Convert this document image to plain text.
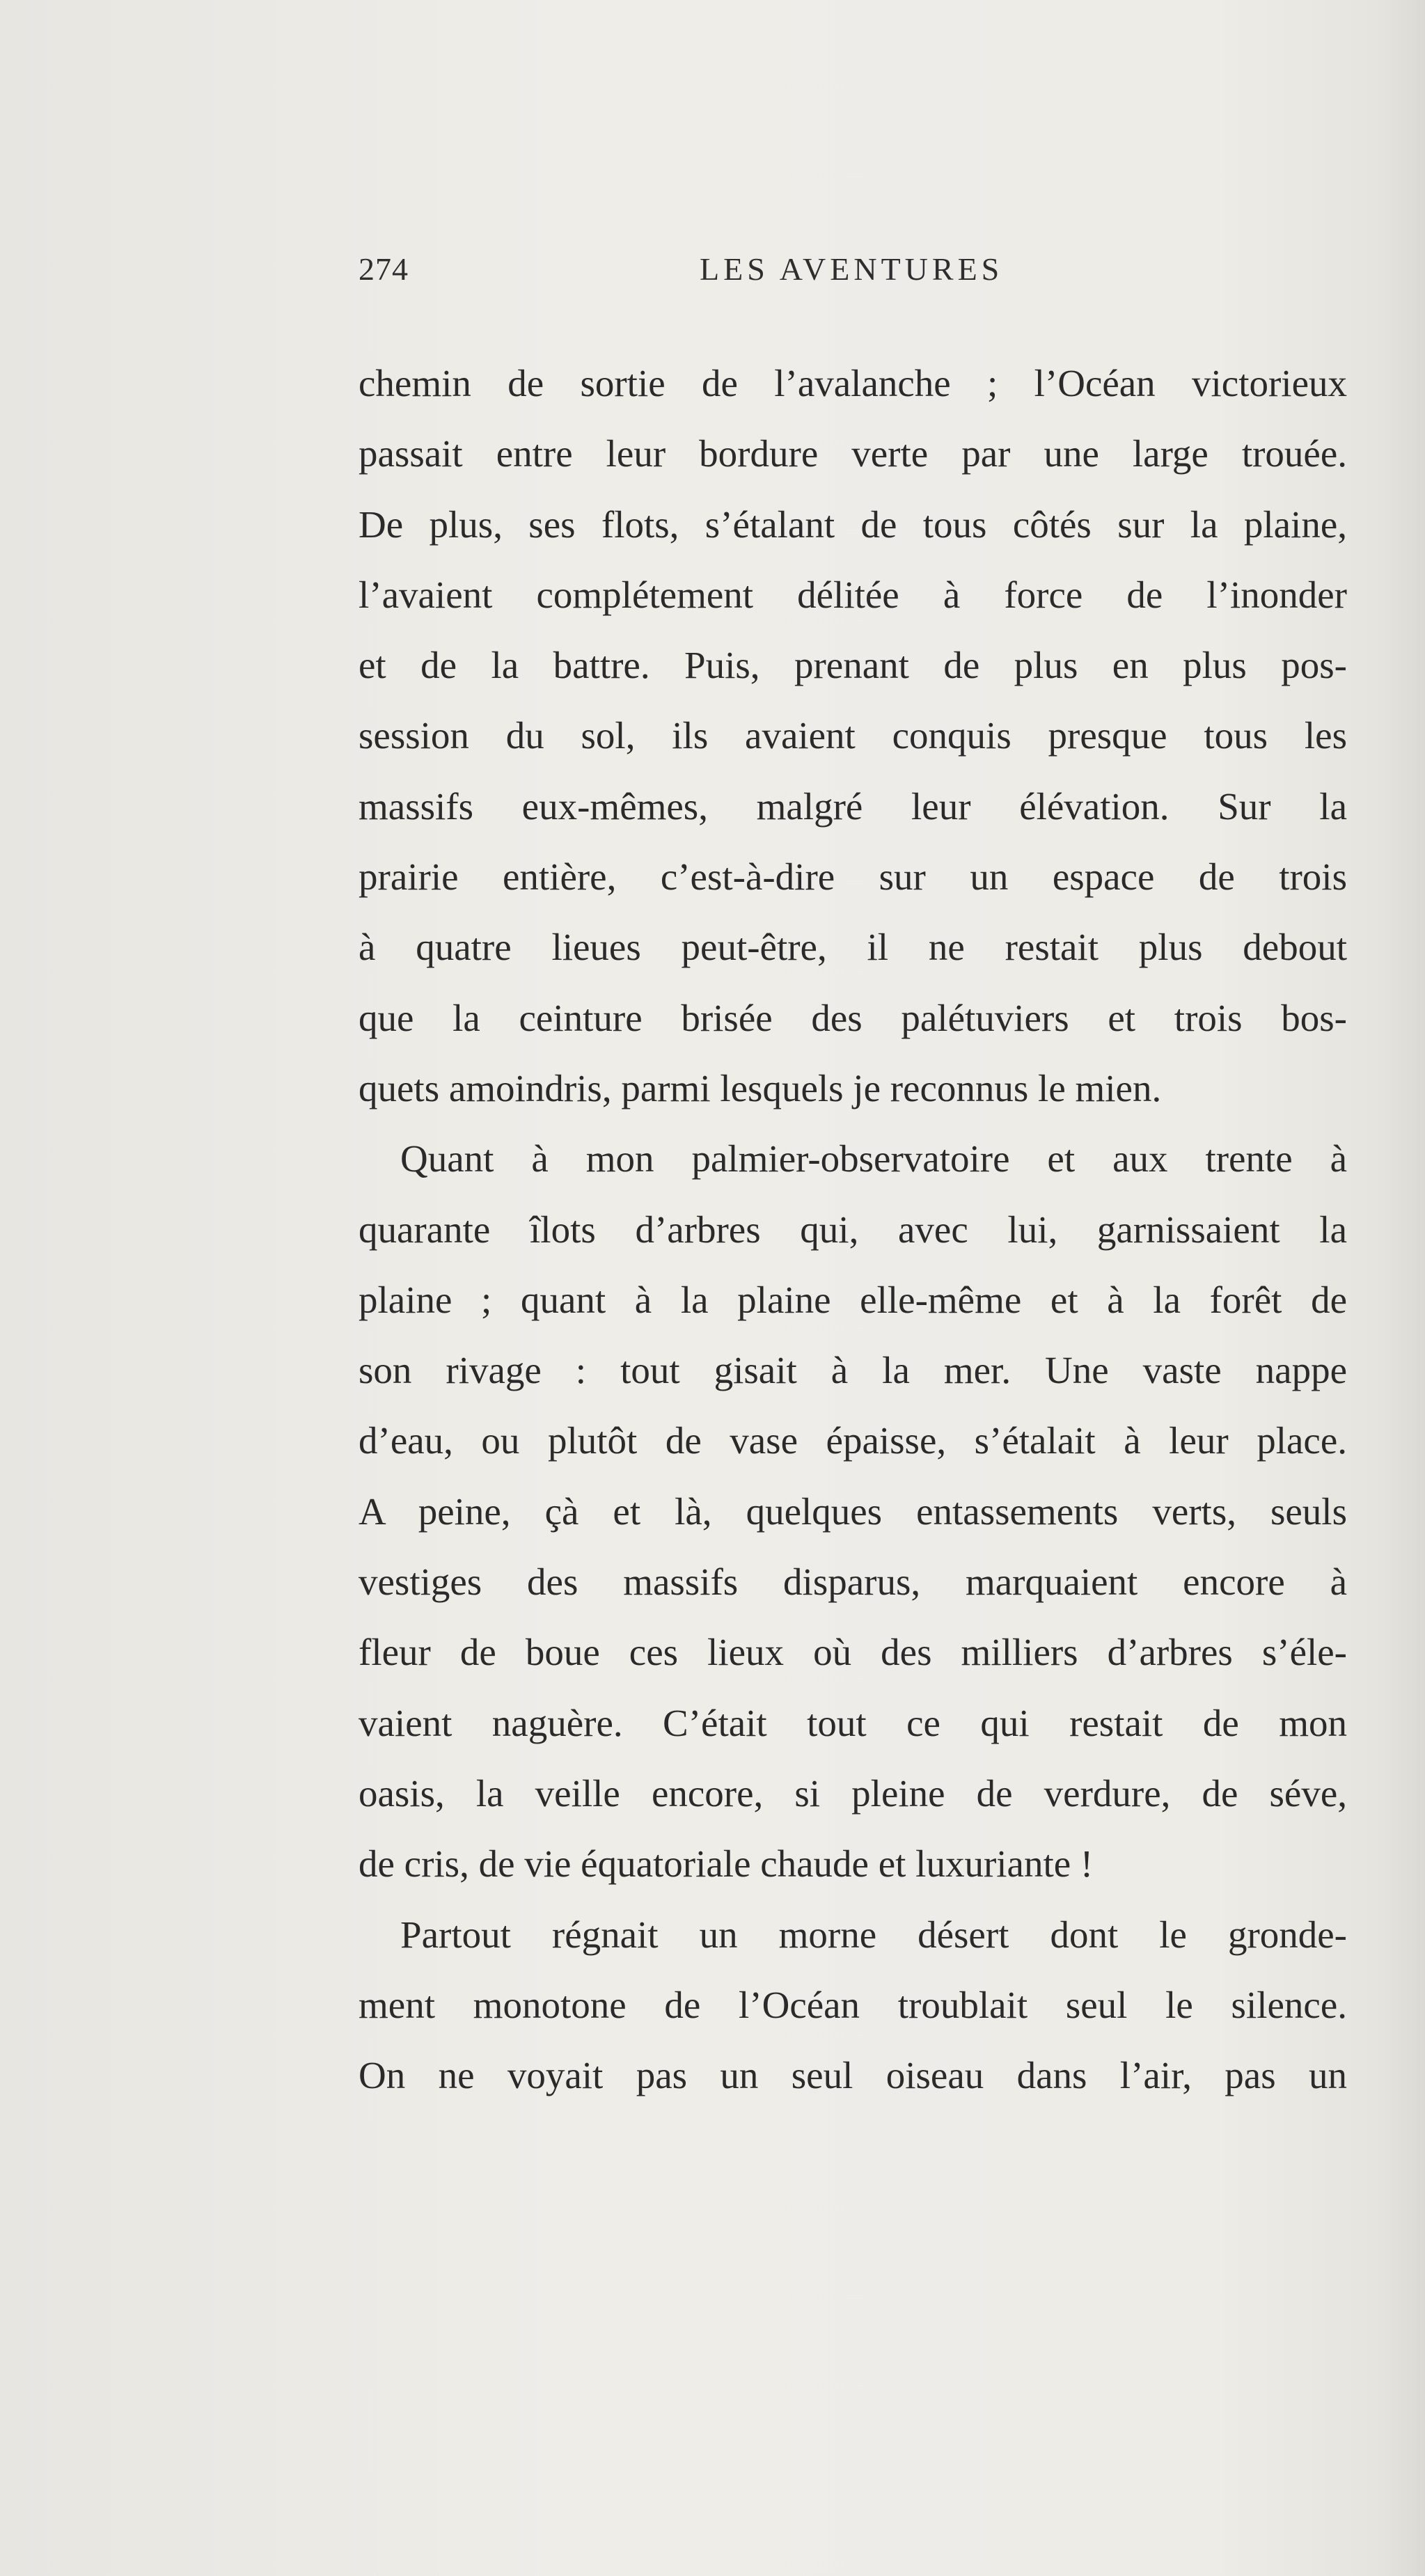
274	LES AVENTURES
chemin de sortie de l’avalanche ; l’Océan victorieux
passait entre leur bordure verte par une large trouée.
De plus, ses flots, s’étalant de tous côtés sur la plaine,
l’avaient complétement délitée à force de l’inonder
et de la battre. Puis, prenant de plus en plus pos-
session du sol, ils avaient conquis presque tous les
massifs eux-mêmes, malgré leur élévation. Sur la
prairie entière, c’est-à-dire sur un espace de trois
à quatre lieues peut-être, il ne restait plus debout
que la ceinture brisée des palétuviers et trois bos-
quets amoindris, parmi lesquels je reconnus le mien.
Quant à mon palmier-observatoire et aux trente à
quarante îlots d’arbres qui, avec lui, garnissaient la
plaine ; quant à la plaine elle-même et à la forêt de
son rivage : tout gisait à la mer. Une vaste nappe
d’eau, ou plutôt de vase épaisse, s’étalait à leur place.
A peine, çà et là, quelques entassements verts, seuls
vestiges des massifs disparus, marquaient encore à
fleur de boue ces lieux où des milliers d’arbres s’éle-
vaient naguère. C’était tout ce qui restait de mon
oasis, la veille encore, si pleine de verdure, de séve,
de cris, de vie équatoriale chaude et luxuriante !
Partout régnait un morne désert dont le gronde-
ment monotone de l’Océan troublait seul le silence.
On ne voyait pas un seul oiseau dans l’air, pas un
